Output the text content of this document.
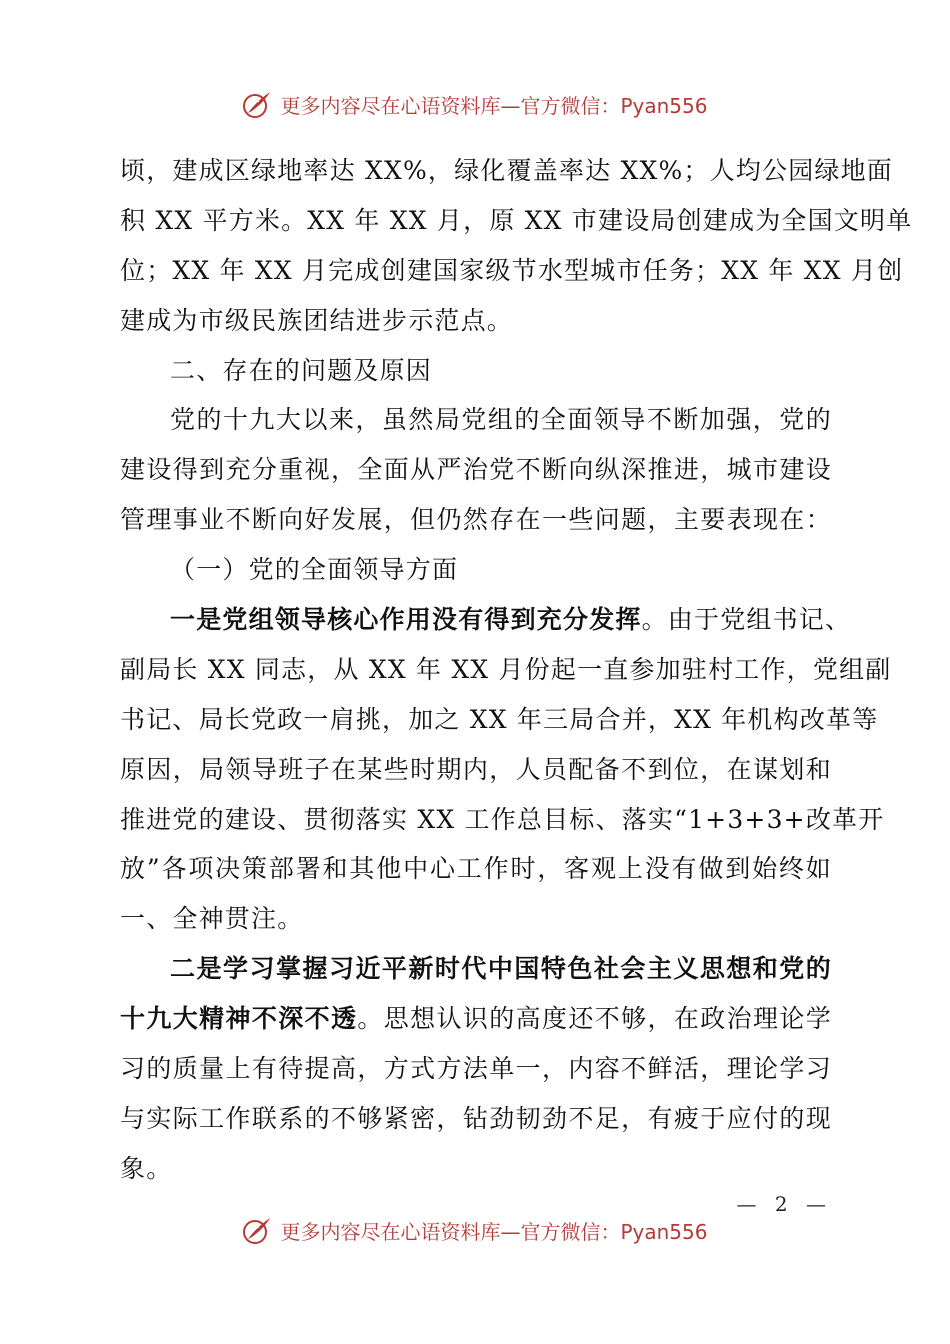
更多内容尽在心语资料库—官方微信：Pyan556

顷，建成区绿地率达 XX%，绿化覆盖率达 XX%；人均公园绿地面

积 XX 平方米。XX 年 XX 月，原 XX 市建设局创建成为全国文明单

位；XX 年 XX 月完成创建国家级节水型城市任务；XX 年 XX 月创

建成为市级民族团结进步示范点。

二、存在的问题及原因

党的十九大以来，虽然局党组的全面领导不断加强，党的

建设得到充分重视，全面从严治党不断向纵深推进，城市建设

管理事业不断向好发展，但仍然存在一些问题，主要表现在：

（一）党的全面领导方面

一是党组领导核心作用没有得到充分发挥。由于党组书记、

副局长 XX 同志，从 XX 年 XX 月份起一直参加驻村工作，党组副

书记、局长党政一肩挑，加之 XX 年三局合并，XX 年机构改革等

原因，局领导班子在某些时期内，人员配备不到位，在谋划和

推进党的建设、贯彻落实 XX 工作总目标、落实“1+3+3+改革开

放”各项决策部署和其他中心工作时，客观上没有做到始终如

一、全神贯注。

二是学习掌握习近平新时代中国特色社会主义思想和党的

十九大精神不深不透。思想认识的高度还不够，在政治理论学

习的质量上有待提高，方式方法单一，内容不鲜活，理论学习

与实际工作联系的不够紧密，钻劲韧劲不足，有疲于应付的现

象。

— 2 —
更多内容尽在心语资料库—官方微信：Pyan556
